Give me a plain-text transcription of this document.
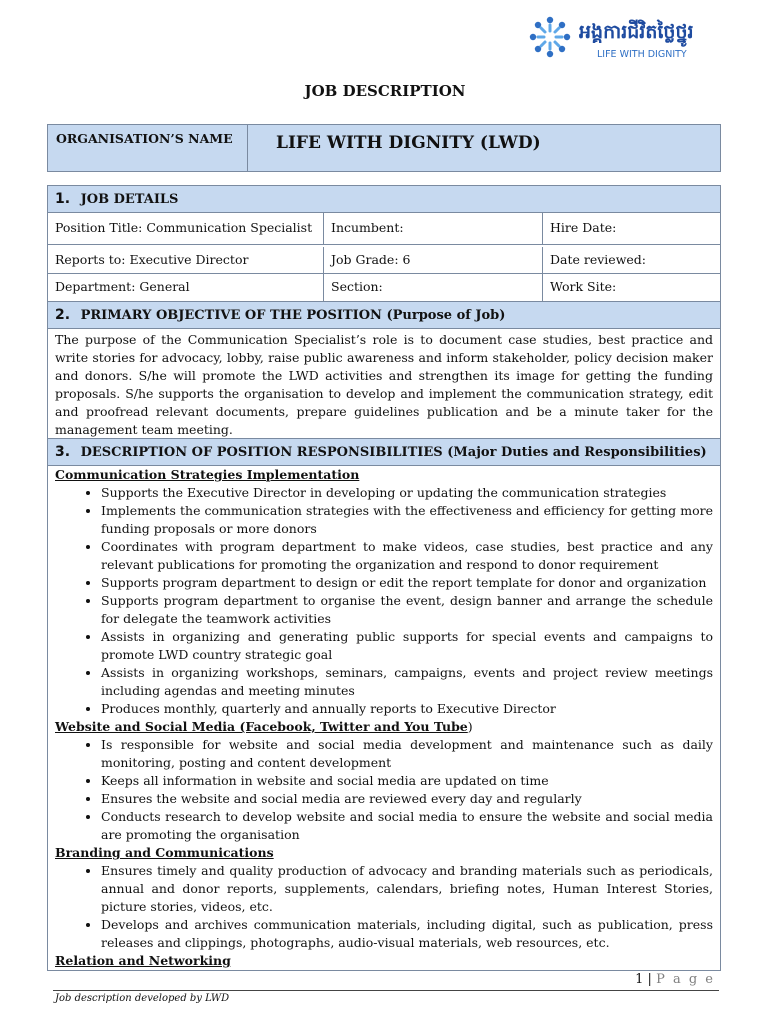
អង្គការជីវិតថ្លៃថ្នូរ
LIFE WITH DIGNITY
JOB DESCRIPTION
ORGANISATION’S NAME	LIFE WITH DIGNITY (LWD)
1. JOB DETAILS
Position Title: Communication Specialist	Incumbent:	Hire Date:
Reports to: Executive Director	Job Grade: 6	Date reviewed:
Department: General	Section:	Work Site:
2. PRIMARY OBJECTIVE OF THE POSITION (Purpose of Job)
The purpose of the Communication Specialist’s role is to document case studies, best practice and write stories for advocacy, lobby, raise public awareness and inform stakeholder, policy decision maker and donors. S/he will promote the LWD activities and strengthen its image for getting the funding proposals. S/he supports the organisation to develop and implement the communication strategy, edit and proofread relevant documents, prepare guidelines publication and be a minute taker for the management team meeting.
3. DESCRIPTION OF POSITION RESPONSIBILITIES (Major Duties and Responsibilities)
Communication Strategies Implementation
• Supports the Executive Director in developing or updating the communication strategies
• Implements the communication strategies with the effectiveness and efficiency for getting more funding proposals or more donors
• Coordinates with program department to make videos, case studies, best practice and any relevant publications for promoting the organization and respond to donor requirement
• Supports program department to design or edit the report template for donor and organization
• Supports program department to organise the event, design banner and arrange the schedule for delegate the teamwork activities
• Assists in organizing and generating public supports for special events and campaigns to promote LWD country strategic goal
• Assists in organizing workshops, seminars, campaigns, events and project review meetings including agendas and meeting minutes
• Produces monthly, quarterly and annually reports to Executive Director
Website and Social Media (Facebook, Twitter and You Tube)
• Is responsible for website and social media development and maintenance such as daily monitoring, posting and content development
• Keeps all information in website and social media are updated on time
• Ensures the website and social media are reviewed every day and regularly
• Conducts research to develop website and social media to ensure the website and social media are promoting the organisation
Branding and Communications
• Ensures timely and quality production of advocacy and branding materials such as periodicals, annual and donor reports, supplements, calendars, briefing notes, Human Interest Stories, picture stories, videos, etc.
• Develops and archives communication materials, including digital, such as publication, press releases and clippings, photographs, audio-visual materials, web resources, etc.
Relation and Networking
1 | P a g e
Job description developed by LWD
